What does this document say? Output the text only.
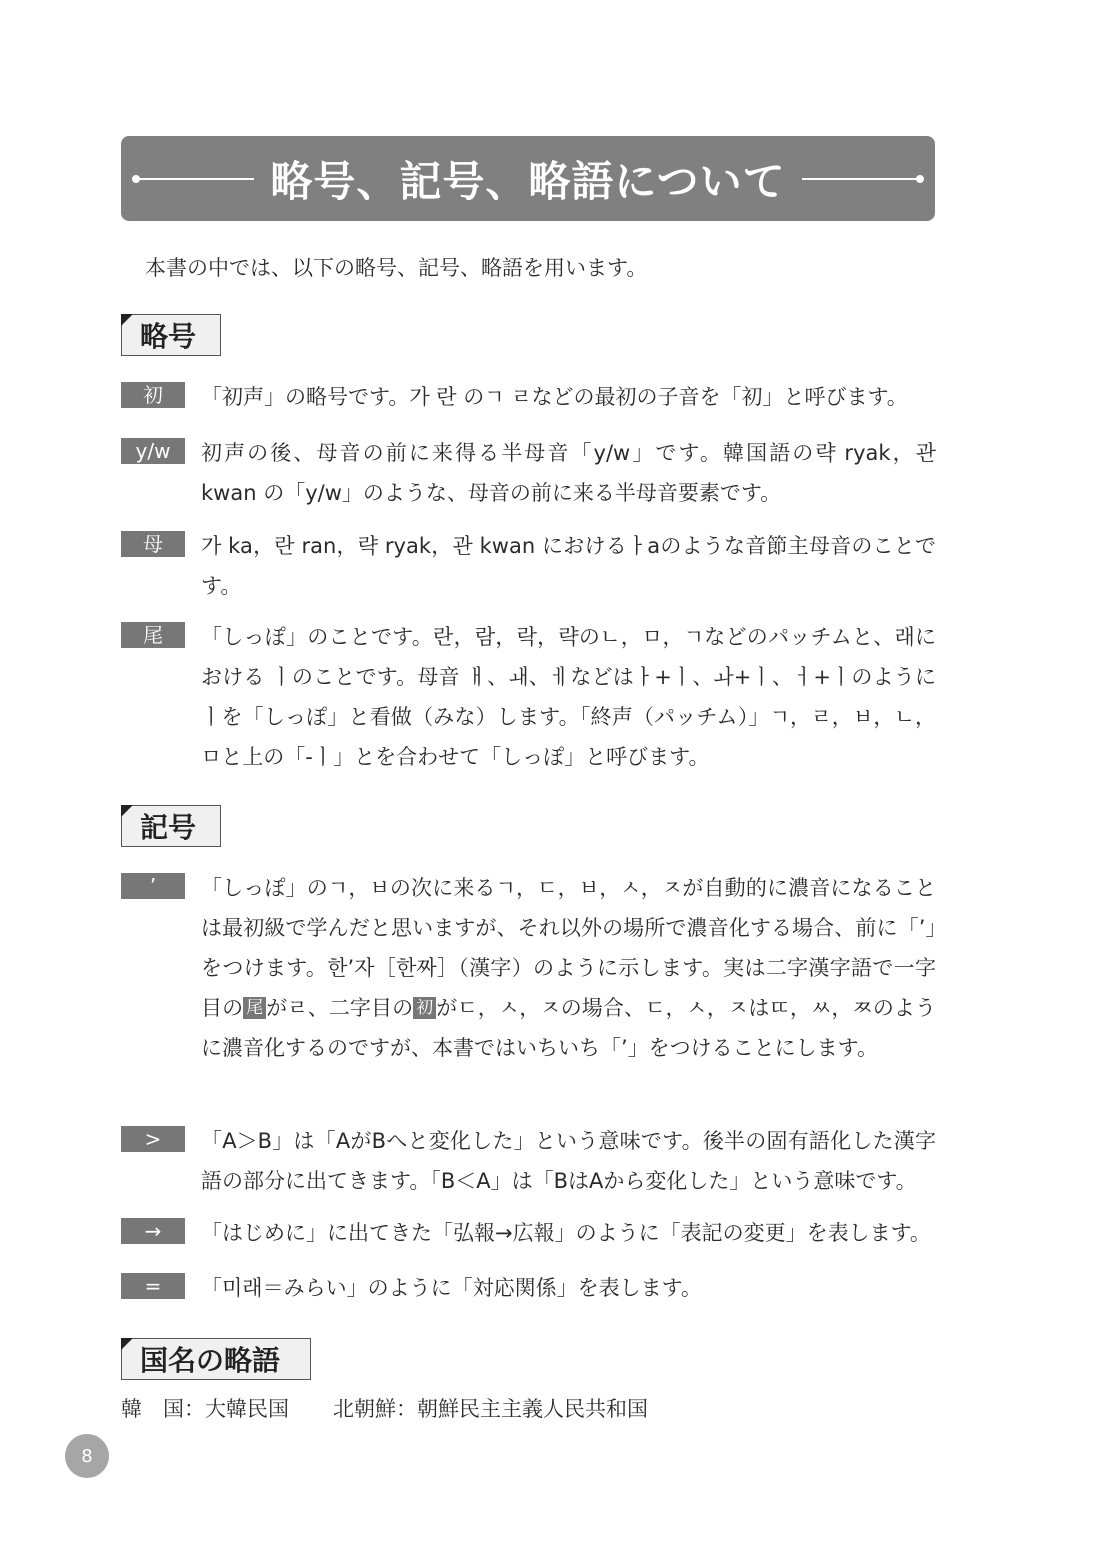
略号、記号、略語について
本書の中では、以下の略号、記号、略語を用います。
略号
初	「初声」の略号です。가 란 のㄱ ㄹなどの最初の子音を「初」と呼びます。
y/w	初声の後、母音の前に来得る半母音「y/w」です。韓国語の략 ryak，관 kwan の「y/w」のような、母音の前に来る半母音要素です。
母	가 ka，란 ran，략 ryak，관 kwan におけるㅏaのような音節主母音のことです。
尾	「しっぽ」のことです。란，람，락，략のㄴ，ㅁ，ㄱなどのパッチムと、래における ㅣのことです。母音 ㅐ、ㅙ、ㅔなどはㅏ+ㅣ、ㅘ+ㅣ、ㅓ+ㅣのようにㅣを「しっぽ」と看做（みな）します。「終声（パッチム）」ㄱ，ㄹ，ㅂ，ㄴ，ㅁと上の「-ㅣ」とを合わせて「しっぽ」と呼びます。
記号
’	「しっぽ」のㄱ，ㅂの次に来るㄱ，ㄷ，ㅂ，ㅅ，ㅈが自動的に濃音になることは最初級で学んだと思いますが、それ以外の場所で濃音化する場合、前に「’」をつけます。한’자［한짜］（漢字）のように示します。実は二字漢字語で一字目の 尾 がㄹ、二字目の 初 がㄷ，ㅅ，ㅈの場合、ㄷ，ㅅ，ㅈはㄸ，ㅆ，ㅉのように濃音化するのですが、本書ではいちいち「’」をつけることにします。
>	「A＞B」は「AがBへと変化した」という意味です。後半の固有語化した漢字語の部分に出てきます。「B＜A」は「BはAから変化した」という意味です。
→	「はじめに」に出てきた「弘報→広報」のように「表記の変更」を表します。
=	「미래＝みらい」のように「対応関係」を表します。
国名の略語
韓　国：大韓民国 北朝鮮：朝鮮民主主義人民共和国
8
